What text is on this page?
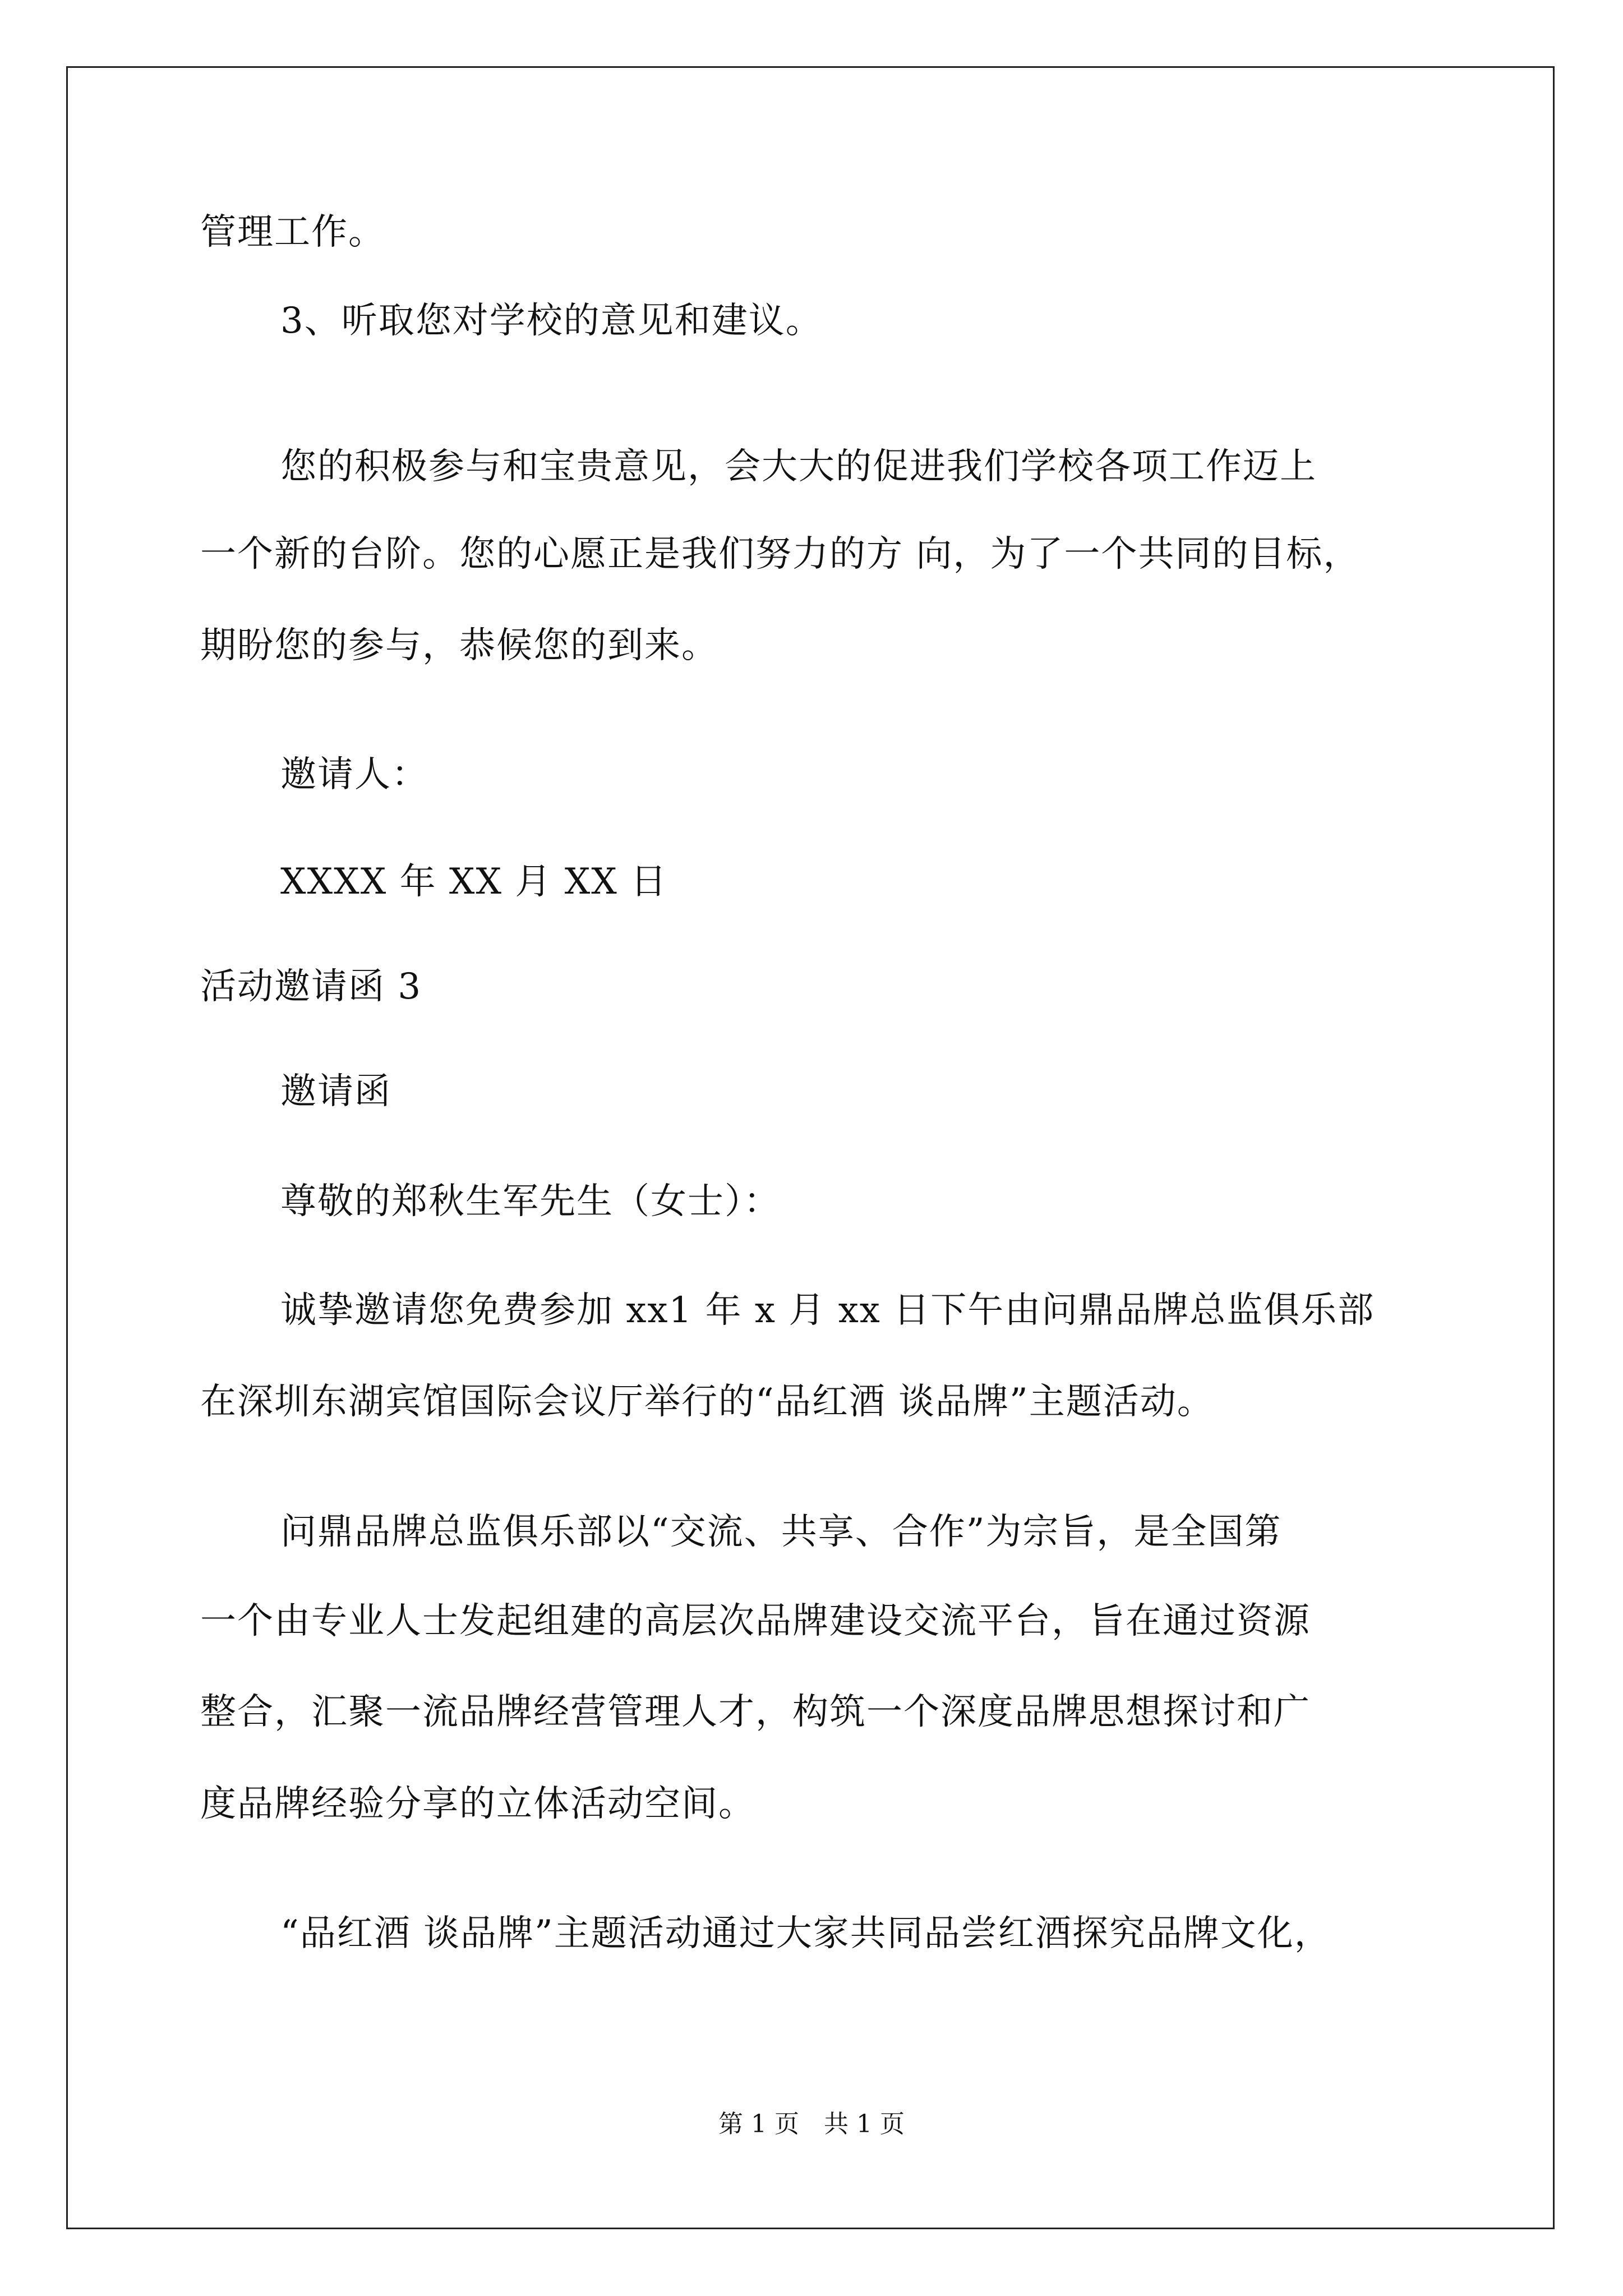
管理工作。
3、听取您对学校的意见和建议。
您的积极参与和宝贵意见，会大大的促进我们学校各项工作迈上
一个新的台阶。您的心愿正是我们努力的方 向，为了一个共同的目标，
期盼您的参与，恭候您的到来。
邀请人：
XXXX 年 XX 月 XX 日
活动邀请函 3
邀请函
尊敬的郑秋生军先生（女士）：
诚挚邀请您免费参加 xx1 年 x 月 xx 日下午由问鼎品牌总监俱乐部
在深圳东湖宾馆国际会议厅举行的“品红酒 谈品牌”主题活动。
问鼎品牌总监俱乐部以“交流、共享、合作”为宗旨，是全国第
一个由专业人士发起组建的高层次品牌建设交流平台，旨在通过资源
整合，汇聚一流品牌经营管理人才，构筑一个深度品牌思想探讨和广
度品牌经验分享的立体活动空间。
“品红酒 谈品牌”主题活动通过大家共同品尝红酒探究品牌文化，
第 1 页　共 1 页
